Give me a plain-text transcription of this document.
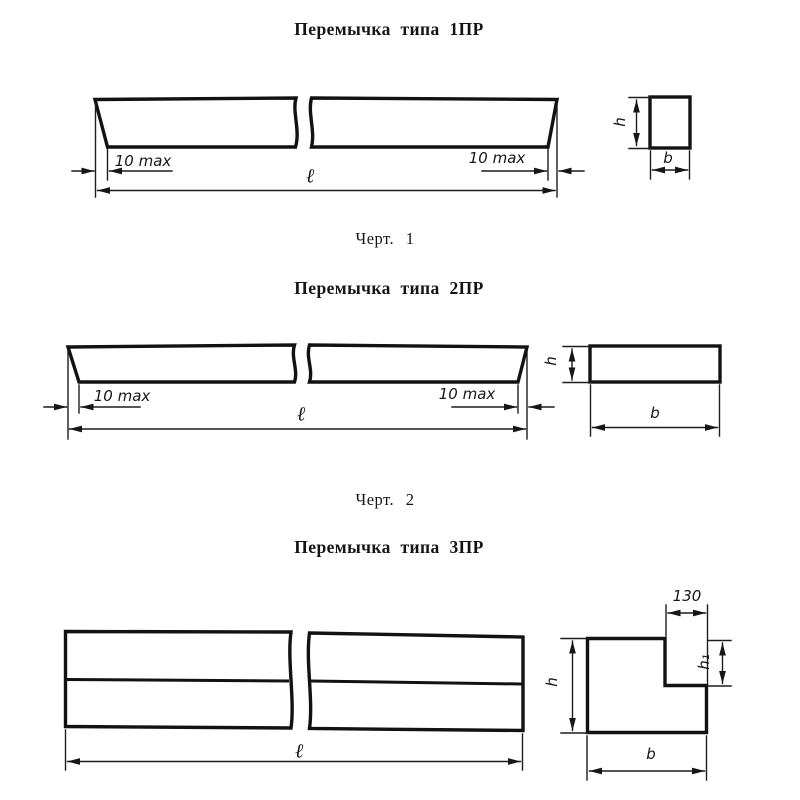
Перемычка типа 1ПР
Черт. 1
10 max	10 max
ℓ
h
b
Перемычка типа 2ПР
Черт. 2
10 max	10 max
ℓ
h
b
Перемычка типа 3ПР
ℓ
130
h₁
h
b
